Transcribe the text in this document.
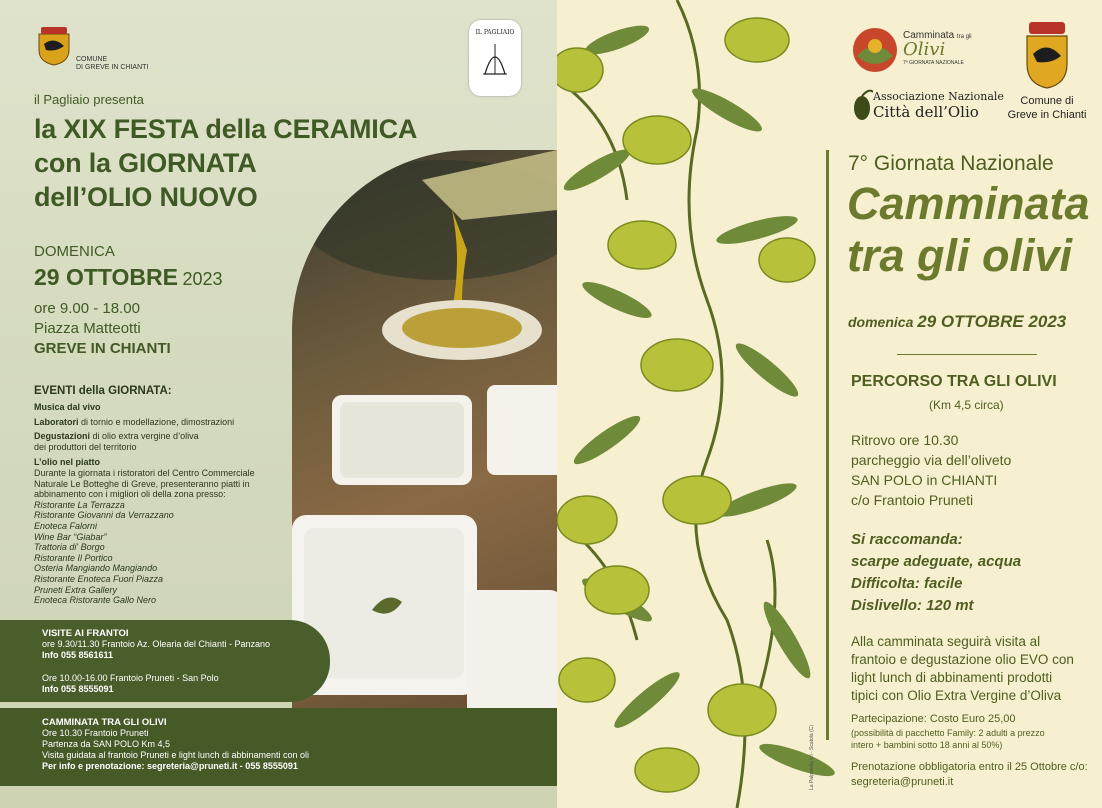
COMUNE
DI GREVE IN CHIANTI
IL PAGLIAIO
il Pagliaio presenta
la XIX FESTA della CERAMICA
con la GIORNATA
dell’OLIO NUOVO
DOMENICA
29 OTTOBRE 2023
ore 9.00 - 18.00
Piazza Matteotti
GREVE IN CHIANTI
EVENTI della GIORNATA:
Musica dal vivo
Laboratori di tornio e modellazione, dimostrazioni
Degustazioni di olio extra vergine d’oliva
dei produttori del territorio
L’olio nel piatto
Durante la giornata i ristoratori del Centro Commerciale
Naturale Le Botteghe di Greve, presenteranno piatti in
abbinamento con i migliori oli della zona presso:
Ristorante La Terrazza
Ristorante Giovanni da Verrazzano
Enoteca Falorni
Wine Bar “Giabar”
Trattoria di' Borgo
Ristorante Il Portico
Osteria Mangiando Mangiando
Ristorante Enoteca Fuori Piazza
Pruneti Extra Gallery
Enoteca Ristorante Gallo Nero
VISITE AI FRANTOI
ore 9.30/11.30 Frantoio Az. Olearia del Chianti - Panzano
Info 055 8561611
Ore 10.00-16.00 Frantoio Pruneti - San Polo
Info 055 8555091
CAMMINATA TRA GLI OLIVI
Ore 10.30 Frantoio Pruneti
Partenza da SAN POLO Km 4,5
Visita guidata al frantoio Pruneti e light lunch di abbinamenti con oli
Per info e prenotazione: segreteria@pruneti.it - 055 8555091	La Palpatella srl - Scatola (C)
Camminata tra gli
Olivi
7ª GIORNATA NAZIONALE
Associazione Nazionale
Città dell’Olio
Comune di
Greve in Chianti
7° Giornata Nazionale
Camminata
tra gli olivi
domenica 29 OTTOBRE 2023
PERCORSO TRA GLI OLIVI
(Km 4,5 circa)
Ritrovo ore 10.30
parcheggio via dell’oliveto
SAN POLO in CHIANTI
c/o Frantoio Pruneti
Si raccomanda:
scarpe adeguate, acqua
Difficolta: facile
Dislivello: 120 mt
Alla camminata seguirà visita al
frantoio e degustazione olio EVO con
light lunch di abbinamenti prodotti
tipici con Olio Extra Vergine d’Oliva
Partecipazione: Costo Euro 25,00
(possibilità di pacchetto Family: 2 adulti a prezzo
intero + bambini sotto 18 anni al 50%)
Prenotazione obbligatoria entro il 25 Ottobre c/o:
segreteria@pruneti.it
